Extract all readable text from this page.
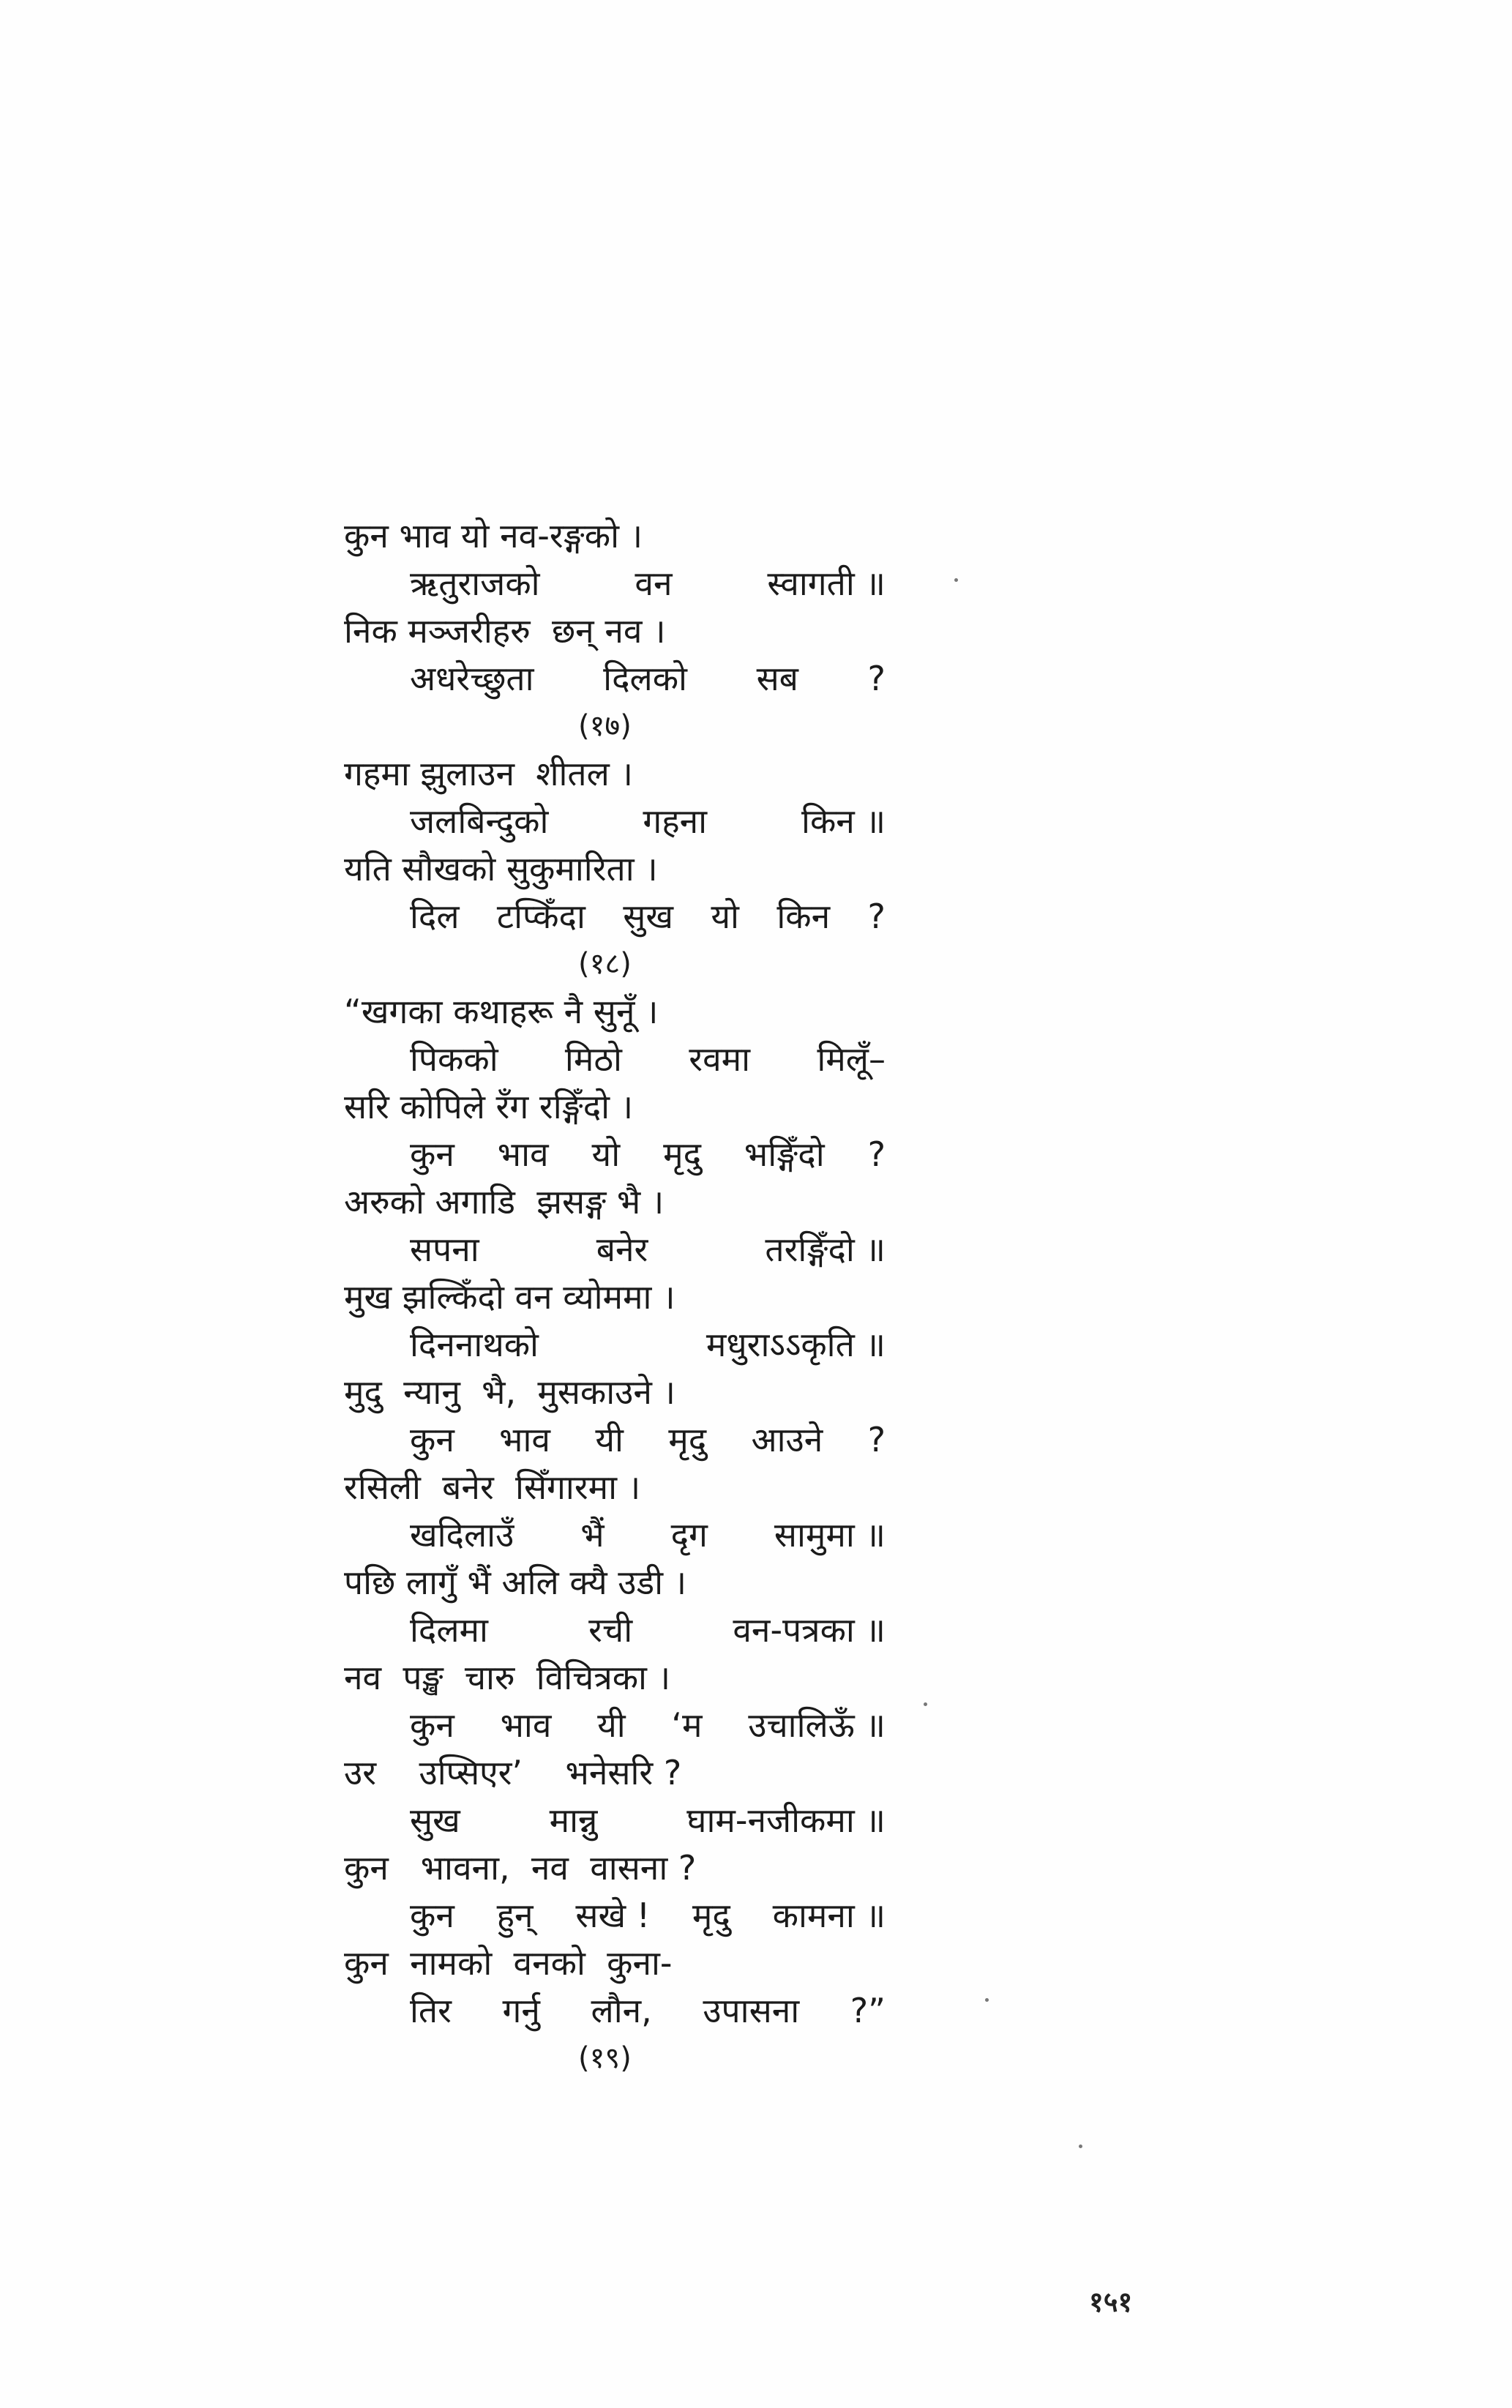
कुन भाव यो नव-रङ्गको ।
ऋतुराजको	वन	स्वागती ॥
निक मञ्जरीहरु  छन् नव ।
अधरेच्छुता दिलको सब ?
(१७)
गहमा झुलाउन  शीतल ।
जलबिन्दुको	गहना	किन ॥
यति सौखको सुकुमारिता ।
दिल टप्किँदा सुख यो किन ?
(१८)
“खगका कथाहरू नै सुनूँ ।
पिकको मिठो रवमा मिलूँ–
सरि कोपिले रँग रङ्गिँदो ।
कुन भाव यो मृदु भङ्गिँदो ?
अरुको अगाडि  झसङ्ग भै ।
सपना	बनेर	तरङ्गिँदो ॥
मुख झल्किँदो वन व्योममा ।
दिननाथको	मधुराऽऽकृति ॥
मुदु  न्यानु  भै,  मुसकाउने ।
कुन भाव यी मृदु आउने ?
रसिली  बनेर  सिँगारमा ।
खदिलाउँ भैं दृग सामुमा ॥
पछि लागुँ भैं अलि क्यै उडी ।
दिलमा	रची	वन-पत्रका ॥
नव  पङ्ख  चारु  विचित्रका ।
कुन भाव यी ‘म उचालिऊँ ॥
उर    उप्सिएर’    भनेसरि ?
सुख	मान्नु	घाम-नजीकमा ॥
कुन   भावना,  नव  वासना ?
कुन हुन् सखे ! मृदु कामना ॥
कुन  नामको  वनको  कुना-
तिर गर्नु लौन, उपासना ?”
(१९)
१५१
